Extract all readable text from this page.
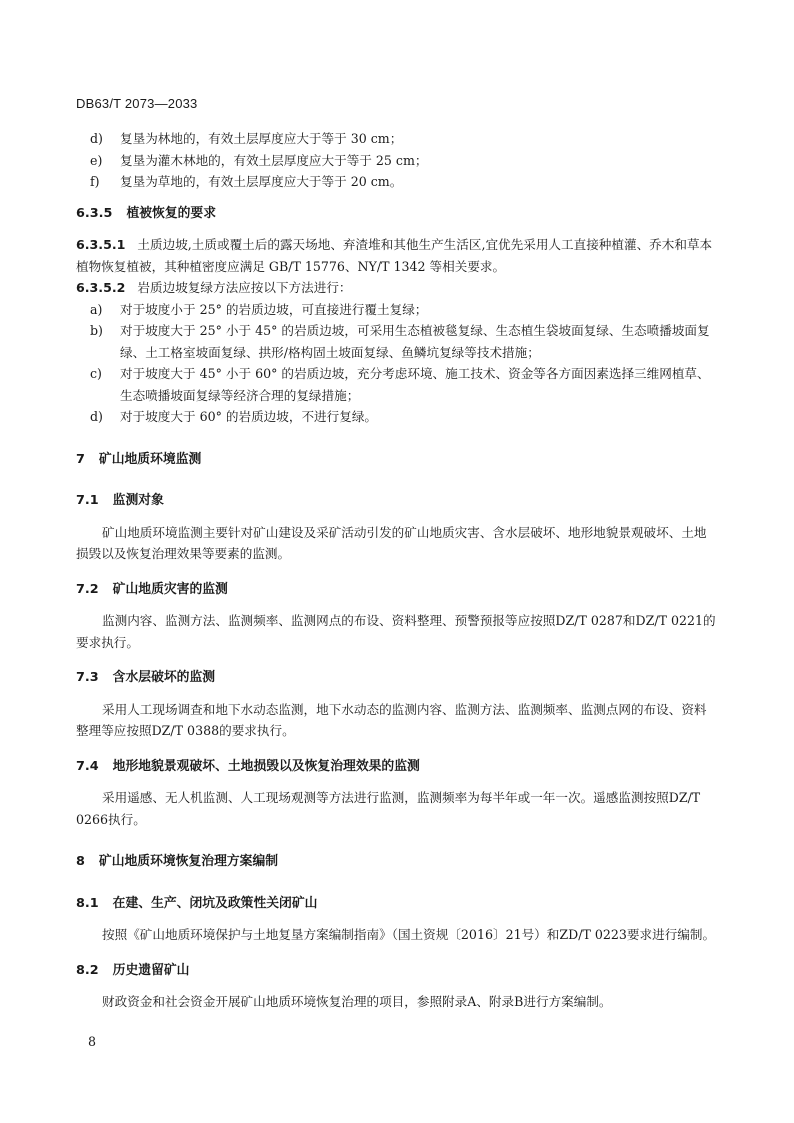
DB63/T 2073—2033
d)	复垦为林地的，有效土层厚度应大于等于 30 cm；
e)	复垦为灌木林地的，有效土层厚度应大于等于 25 cm；
f)	复垦为草地的，有效土层厚度应大于等于 20 cm。
6.3.5 植被恢复的要求
6.3.5.1 土质边坡,土质或覆土后的露天场地、弃渣堆和其他生产生活区,宜优先采用人工直接种植灌、乔木和草本植物恢复植被，其种植密度应满足 GB/T 15776、NY/T 1342 等相关要求。
6.3.5.2 岩质边坡复绿方法应按以下方法进行：
a)	对于坡度小于 25° 的岩质边坡，可直接进行覆土复绿；
b)	对于坡度大于 25° 小于 45° 的岩质边坡，可采用生态植被毯复绿、生态植生袋坡面复绿、生态喷播坡面复绿、土工格室坡面复绿、拱形/格构固土坡面复绿、鱼鳞坑复绿等技术措施；
c)	对于坡度大于 45° 小于 60° 的岩质边坡，充分考虑环境、施工技术、资金等各方面因素选择三维网植草、生态喷播坡面复绿等经济合理的复绿措施；
d)	对于坡度大于 60° 的岩质边坡，不进行复绿。
7 矿山地质环境监测
7.1 监测对象
矿山地质环境监测主要针对矿山建设及采矿活动引发的矿山地质灾害、含水层破坏、地形地貌景观破坏、土地损毁以及恢复治理效果等要素的监测。
7.2 矿山地质灾害的监测
监测内容、监测方法、监测频率、监测网点的布设、资料整理、预警预报等应按照DZ/T 0287和DZ/T 0221的要求执行。
7.3 含水层破坏的监测
采用人工现场调查和地下水动态监测，地下水动态的监测内容、监测方法、监测频率、监测点网的布设、资料整理等应按照DZ/T 0388的要求执行。
7.4 地形地貌景观破坏、土地损毁以及恢复治理效果的监测
采用遥感、无人机监测、人工现场观测等方法进行监测，监测频率为每半年或一年一次。遥感监测按照DZ/T 0266执行。
8 矿山地质环境恢复治理方案编制
8.1 在建、生产、闭坑及政策性关闭矿山
按照《矿山地质环境保护与土地复垦方案编制指南》（国土资规〔2016〕21号）和ZD/T 0223要求进行编制。
8.2 历史遗留矿山
财政资金和社会资金开展矿山地质环境恢复治理的项目，参照附录A、附录B进行方案编制。
8
